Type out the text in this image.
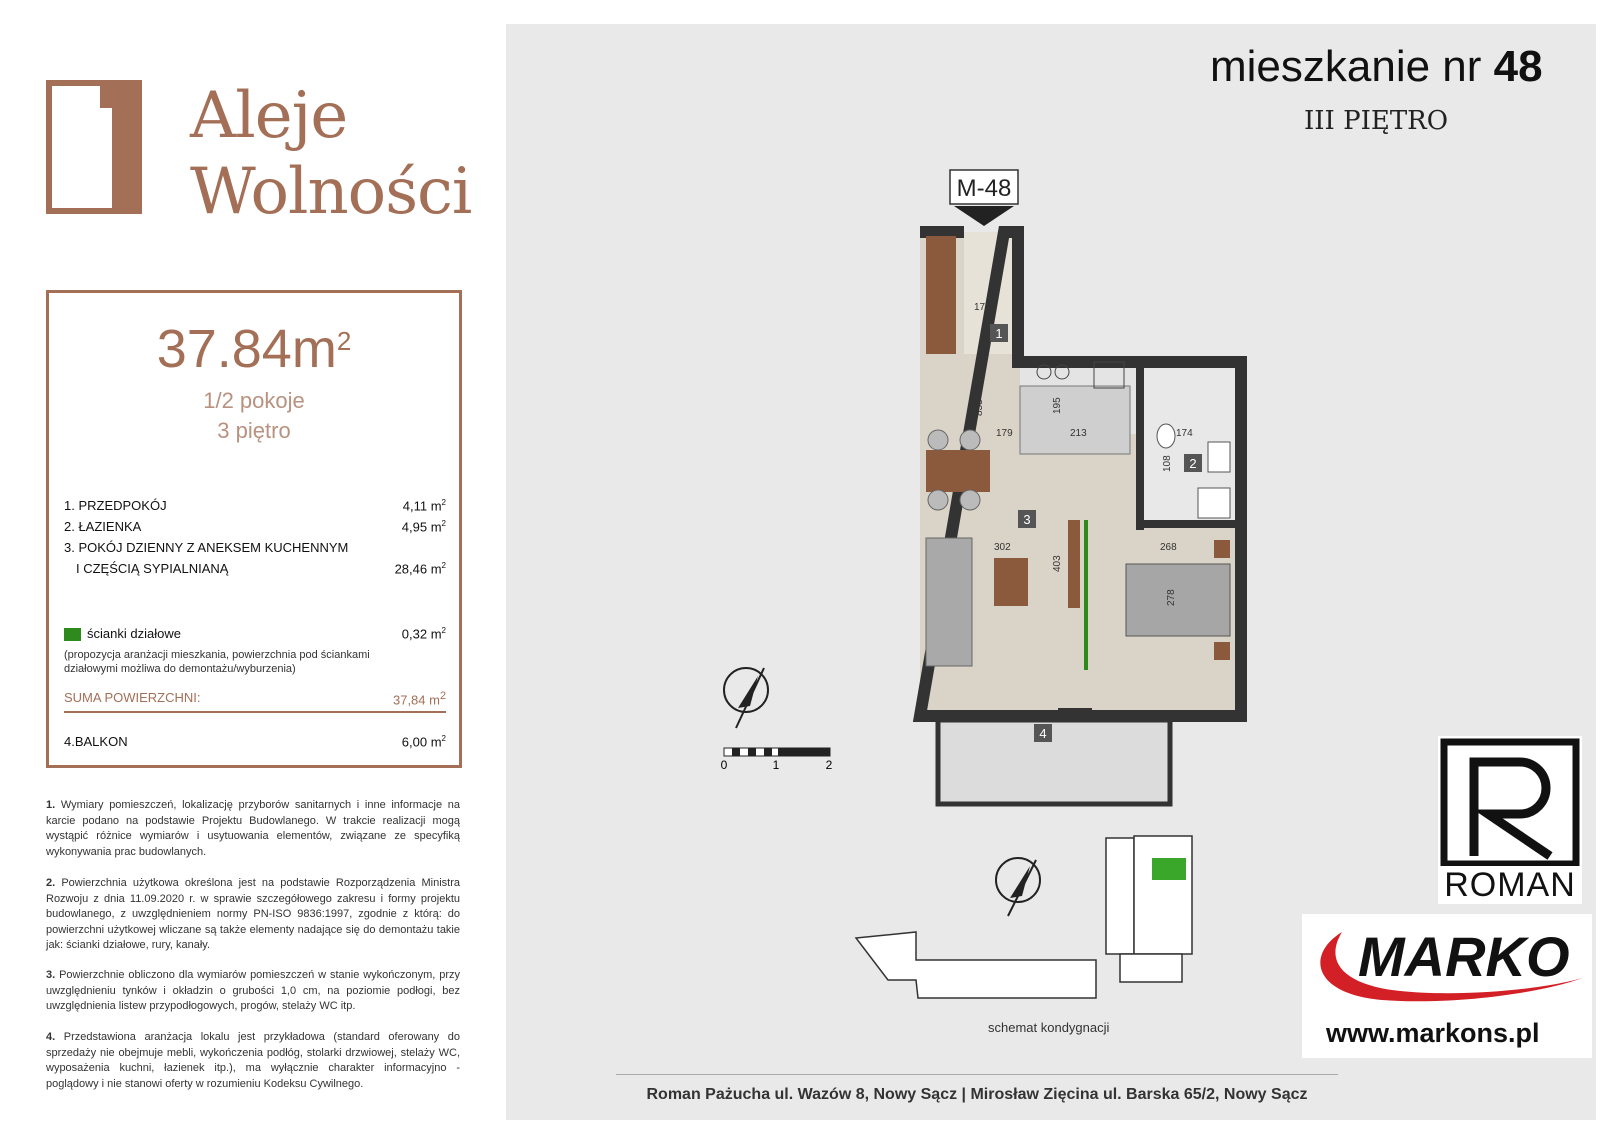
Aleje
Wolności
$37.84m^2$
1/2 pokoje
3 piętro
1. PRZEDPOKÓJ	4,11 $m^2$
2. ŁAZIENKA	4,95 $m^2$
3. POKÓJ DZIENNY Z ANEKSEM KUCHENNYM
I CZĘŚCIĄ SYPIALNIANĄ	28,46 $m^2$
ścianki działowe	0,32 $m^2$
(propozycja aranżacji mieszkania, powierzchnia pod ściankami działowymi możliwa do demontażu/wyburzenia)
SUMA POWIERZCHNI:	37,84 $m^2$
4.BALKON	6,00 $m^2$
1. Wymiary pomieszczeń, lokalizację przyborów sanitarnych i inne informacje na karcie podano na podstawie Projektu Budowlanego. W trakcie realizacji mogą wystąpić różnice wymiarów i usytuowania elementów, związane ze specyfiką wykonywania prac budowlanych.
2. Powierzchnia użytkowa określona jest na podstawie Rozporządzenia Ministra Rozwoju z dnia 11.09.2020 r. w sprawie szczegółowego zakresu i formy projektu budowlanego, z uwzględnieniem normy PN-ISO 9836:1997, zgodnie z którą: do powierzchni użytkowej wliczane są także elementy nadające się do demontażu takie jak: ścianki działowe, rury, kanały.
3. Powierzchnie obliczono dla wymiarów pomieszczeń w stanie wykończonym, przy uwzględnieniu tynków i okładzin o grubości 1,0 cm, na poziomie podłogi, bez uwzględnienia listew przypodłogowych, progów, stelaży WC itp.
4. Przedstawiona aranżacja lokalu jest przykładowa (standard oferowany do sprzedaży nie obejmuje mebli, wykończenia podłóg, stolarki drzwiowej, stelaży WC, wyposażenia kuchni, łazienek itp.), ma wyłącznie charakter informacyjno - poglądowy i nie stanowi oferty w rozumieniu Kodeksu Cywilnego.
mieszkanie nr 48
III PIĘTRO
M-48
1
2
3
4
178
833
179
195
213	174
108
302
403
268
278
0	1	2
schemat kondygnacji
ROMAN
MARKO
www.markons.pl
Roman Pażucha ul. Wazów 8, Nowy Sącz | Mirosław Zięcina ul. Barska 65/2, Nowy Sącz
